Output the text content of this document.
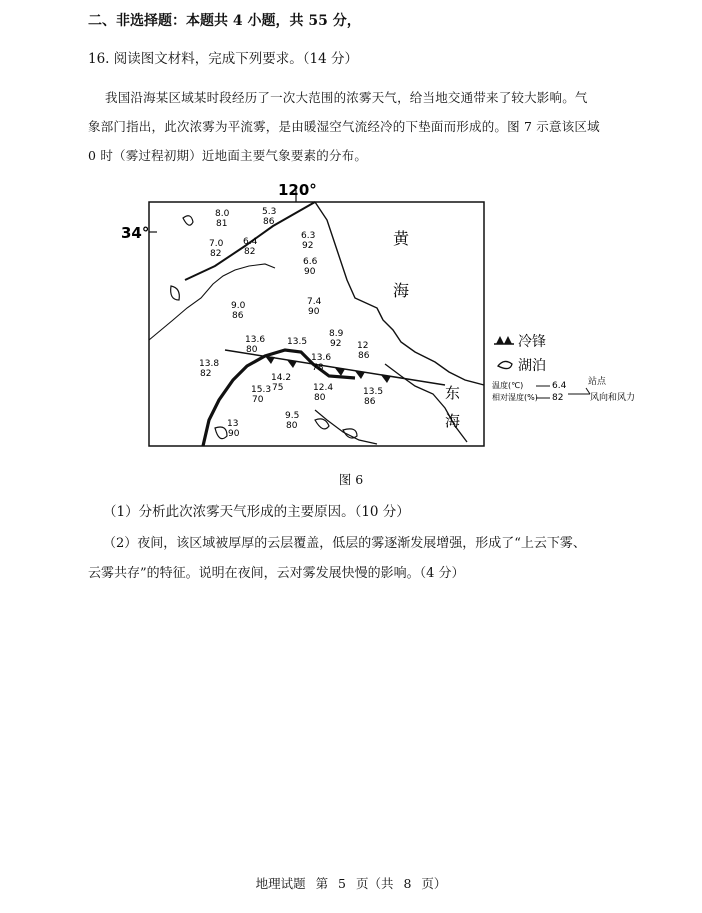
二、非选择题：本题共 4 小题，共 55 分，
16. 阅读图文材料，完成下列要求。（14 分）
我国沿海某区域某时段经历了一次大范围的浓雾天气，给当地交通带来了较大影响。气
象部门指出，此次浓雾为平流雾，是由暖湿空气流经冷的下垫面而形成的。图 7 示意该区域
0 时（雾过程初期）近地面主要气象要素的分布。
120°
34°	黄
海
东
海
8.0
81
5.3
86
7.0
82
6.4
82
6.3
92
6.6
90
9.0
86
7.4
90
13.6
80
13.5
8.9
92 12
86
13.6
78
13.8
82	14.2
75
15.3
70
12.4
80
13.5
86
9.5
80
13
90
冷锋
湖泊
温度(℃)
相对湿度(%)
6.4
82
站点
风向和风力
图 6
（1）分析此次浓雾天气形成的主要原因。（10 分）
（2）夜间，该区域被厚厚的云层覆盖，低层的雾逐渐发展增强，形成了“上云下雾、
云雾共存”的特征。说明在夜间，云对雾发展快慢的影响。（4 分）
地理试题 第 5 页（共 8 页）
